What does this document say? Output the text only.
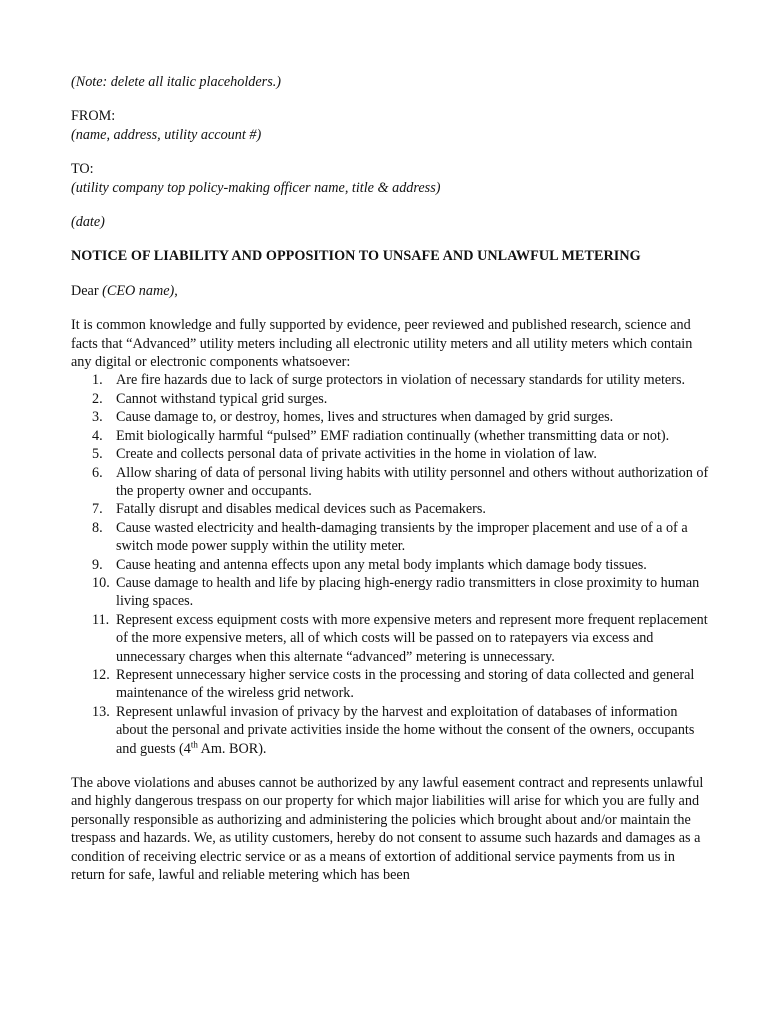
(Note: delete all italic placeholders.)

FROM:

(name, address, utility account #)

TO:

(utility company top policy-making officer name, title & address)

(date)

NOTICE OF LIABILITY AND OPPOSITION TO UNSAFE AND UNLAWFUL METERING

Dear (CEO name),

It is common knowledge and fully supported by evidence, peer reviewed and published research, science and facts that “Advanced” utility meters including all electronic utility meters and all utility meters which contain any digital or electronic components whatsoever:

1. Are fire hazards due to lack of surge protectors in violation of necessary standards for utility meters.
2. Cannot withstand typical grid surges.
3. Cause damage to, or destroy, homes, lives and structures when damaged by grid surges.
4. Emit biologically harmful “pulsed” EMF radiation continually (whether transmitting data or not).
5. Create and collects personal data of private activities in the home in violation of law.
6. Allow sharing of data of personal living habits with utility personnel and others without authorization of the property owner and occupants.
7. Fatally disrupt and disables medical devices such as Pacemakers.
8. Cause wasted electricity and health-damaging transients by the improper placement and use of a of a switch mode power supply within the utility meter.
9. Cause heating and antenna effects upon any metal body implants which damage body tissues.
10. Cause damage to health and life by placing high-energy radio transmitters in close proximity to human living spaces.
11. Represent excess equipment costs with more expensive meters and represent more frequent replacement of the more expensive meters, all of which costs will be passed on to ratepayers via excess and unnecessary charges when this alternate “advanced” metering is unnecessary.
12. Represent unnecessary higher service costs in the processing and storing of data collected and general maintenance of the wireless grid network.
13. Represent unlawful invasion of privacy by the harvest and exploitation of databases of information about the personal and private activities inside the home without the consent of the owners, occupants and guests (4th Am. BOR).

The above violations and abuses cannot be authorized by any lawful easement contract and represents unlawful and highly dangerous trespass on our property for which major liabilities will arise for which you are fully and personally responsible as authorizing and administering the policies which brought about and/or maintain the trespass and hazards. We, as utility customers, hereby do not consent to assume such hazards and damages as a condition of receiving electric service or as a means of extortion of additional service payments from us in return for safe, lawful and reliable metering which has been
